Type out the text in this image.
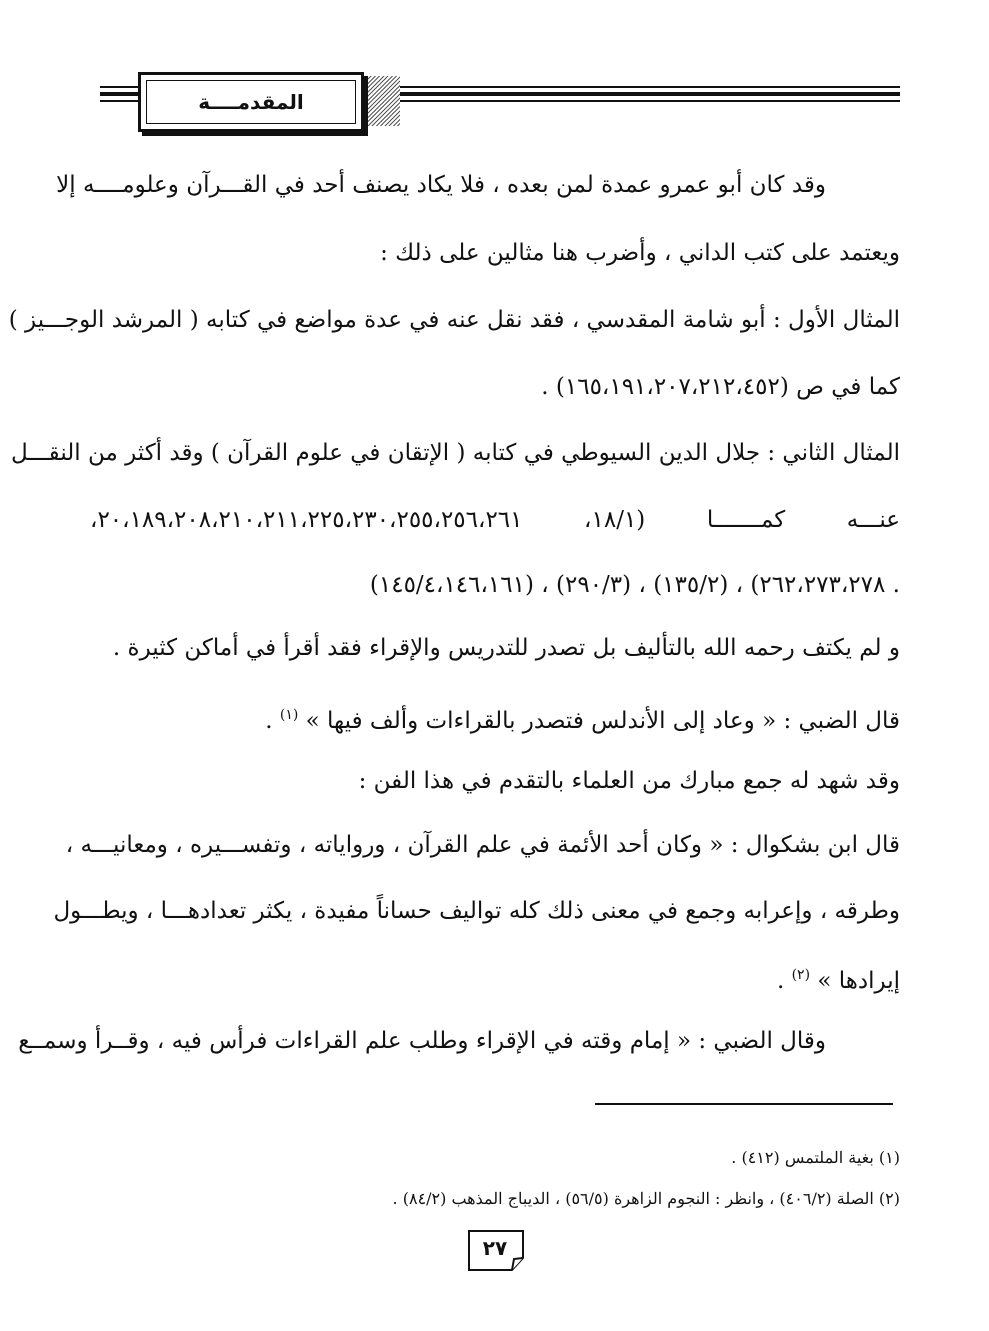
المقدمــــة
وقد كان أبو عمرو عمدة لمن بعده ، فلا يكاد يصنف أحد في القـــرآن وعلومــــه إلا
ويعتمد على كتب الداني ، وأضرب هنا مثالين على ذلك :
المثال الأول : أبو شامة المقدسي ، فقد نقل عنه في عدة مواضع في كتابه ( المرشد الوجـــيز )
كما في ص (١٦٥،١٩١،٢٠٧،٢١٢،٤٥٢) .
المثال الثاني : جلال الدين السيوطي في كتابه ( الإتقان في علوم القرآن ) وقد أكثر من النقـــل
عنـــه كمـــــــا (١٨/١، ٢٠،١٨٩،٢٠٨،٢١٠،٢١١،٢٢٥،٢٣٠،٢٥٥،٢٥٦،٢٦١،
٢٦٢،٢٧٣،٢٧٨) ، (١٣٥/٢) ، (٢٩٠/٣) ، (١٤٥/٤،١٤٦،١٦١) .
و لم يكتف رحمه الله بالتأليف بل تصدر للتدريس والإقراء فقد أقرأ في أماكن كثيرة .
قال الضبي : « وعاد إلى الأندلس فتصدر بالقراءات وألف فيها » $^{(١)}$ .
وقد شهد له جمع مبارك من العلماء بالتقدم في هذا الفن :
قال ابن بشكوال : « وكان أحد الأئمة في علم القرآن ، ورواياته ، وتفســـيره ، ومعانيـــه ،
وطرقه ، وإعرابه وجمع في معنى ذلك كله تواليف حساناً مفيدة ، يكثر تعدادهـــا ، ويطـــول
إيرادها » $^{(٢)}$ .
وقال الضبي : « إمام وقته في الإقراء وطلب علم القراءات فرأس فيه ، وقــرأ وسمــع
(١) بغية الملتمس (٤١٢) .
(٢) الصلة (٤٠٦/٢) ، وانظر : النجوم الزاهرة (٥٦/٥) ، الديباج المذهب (٨٤/٢) .
٢٧
